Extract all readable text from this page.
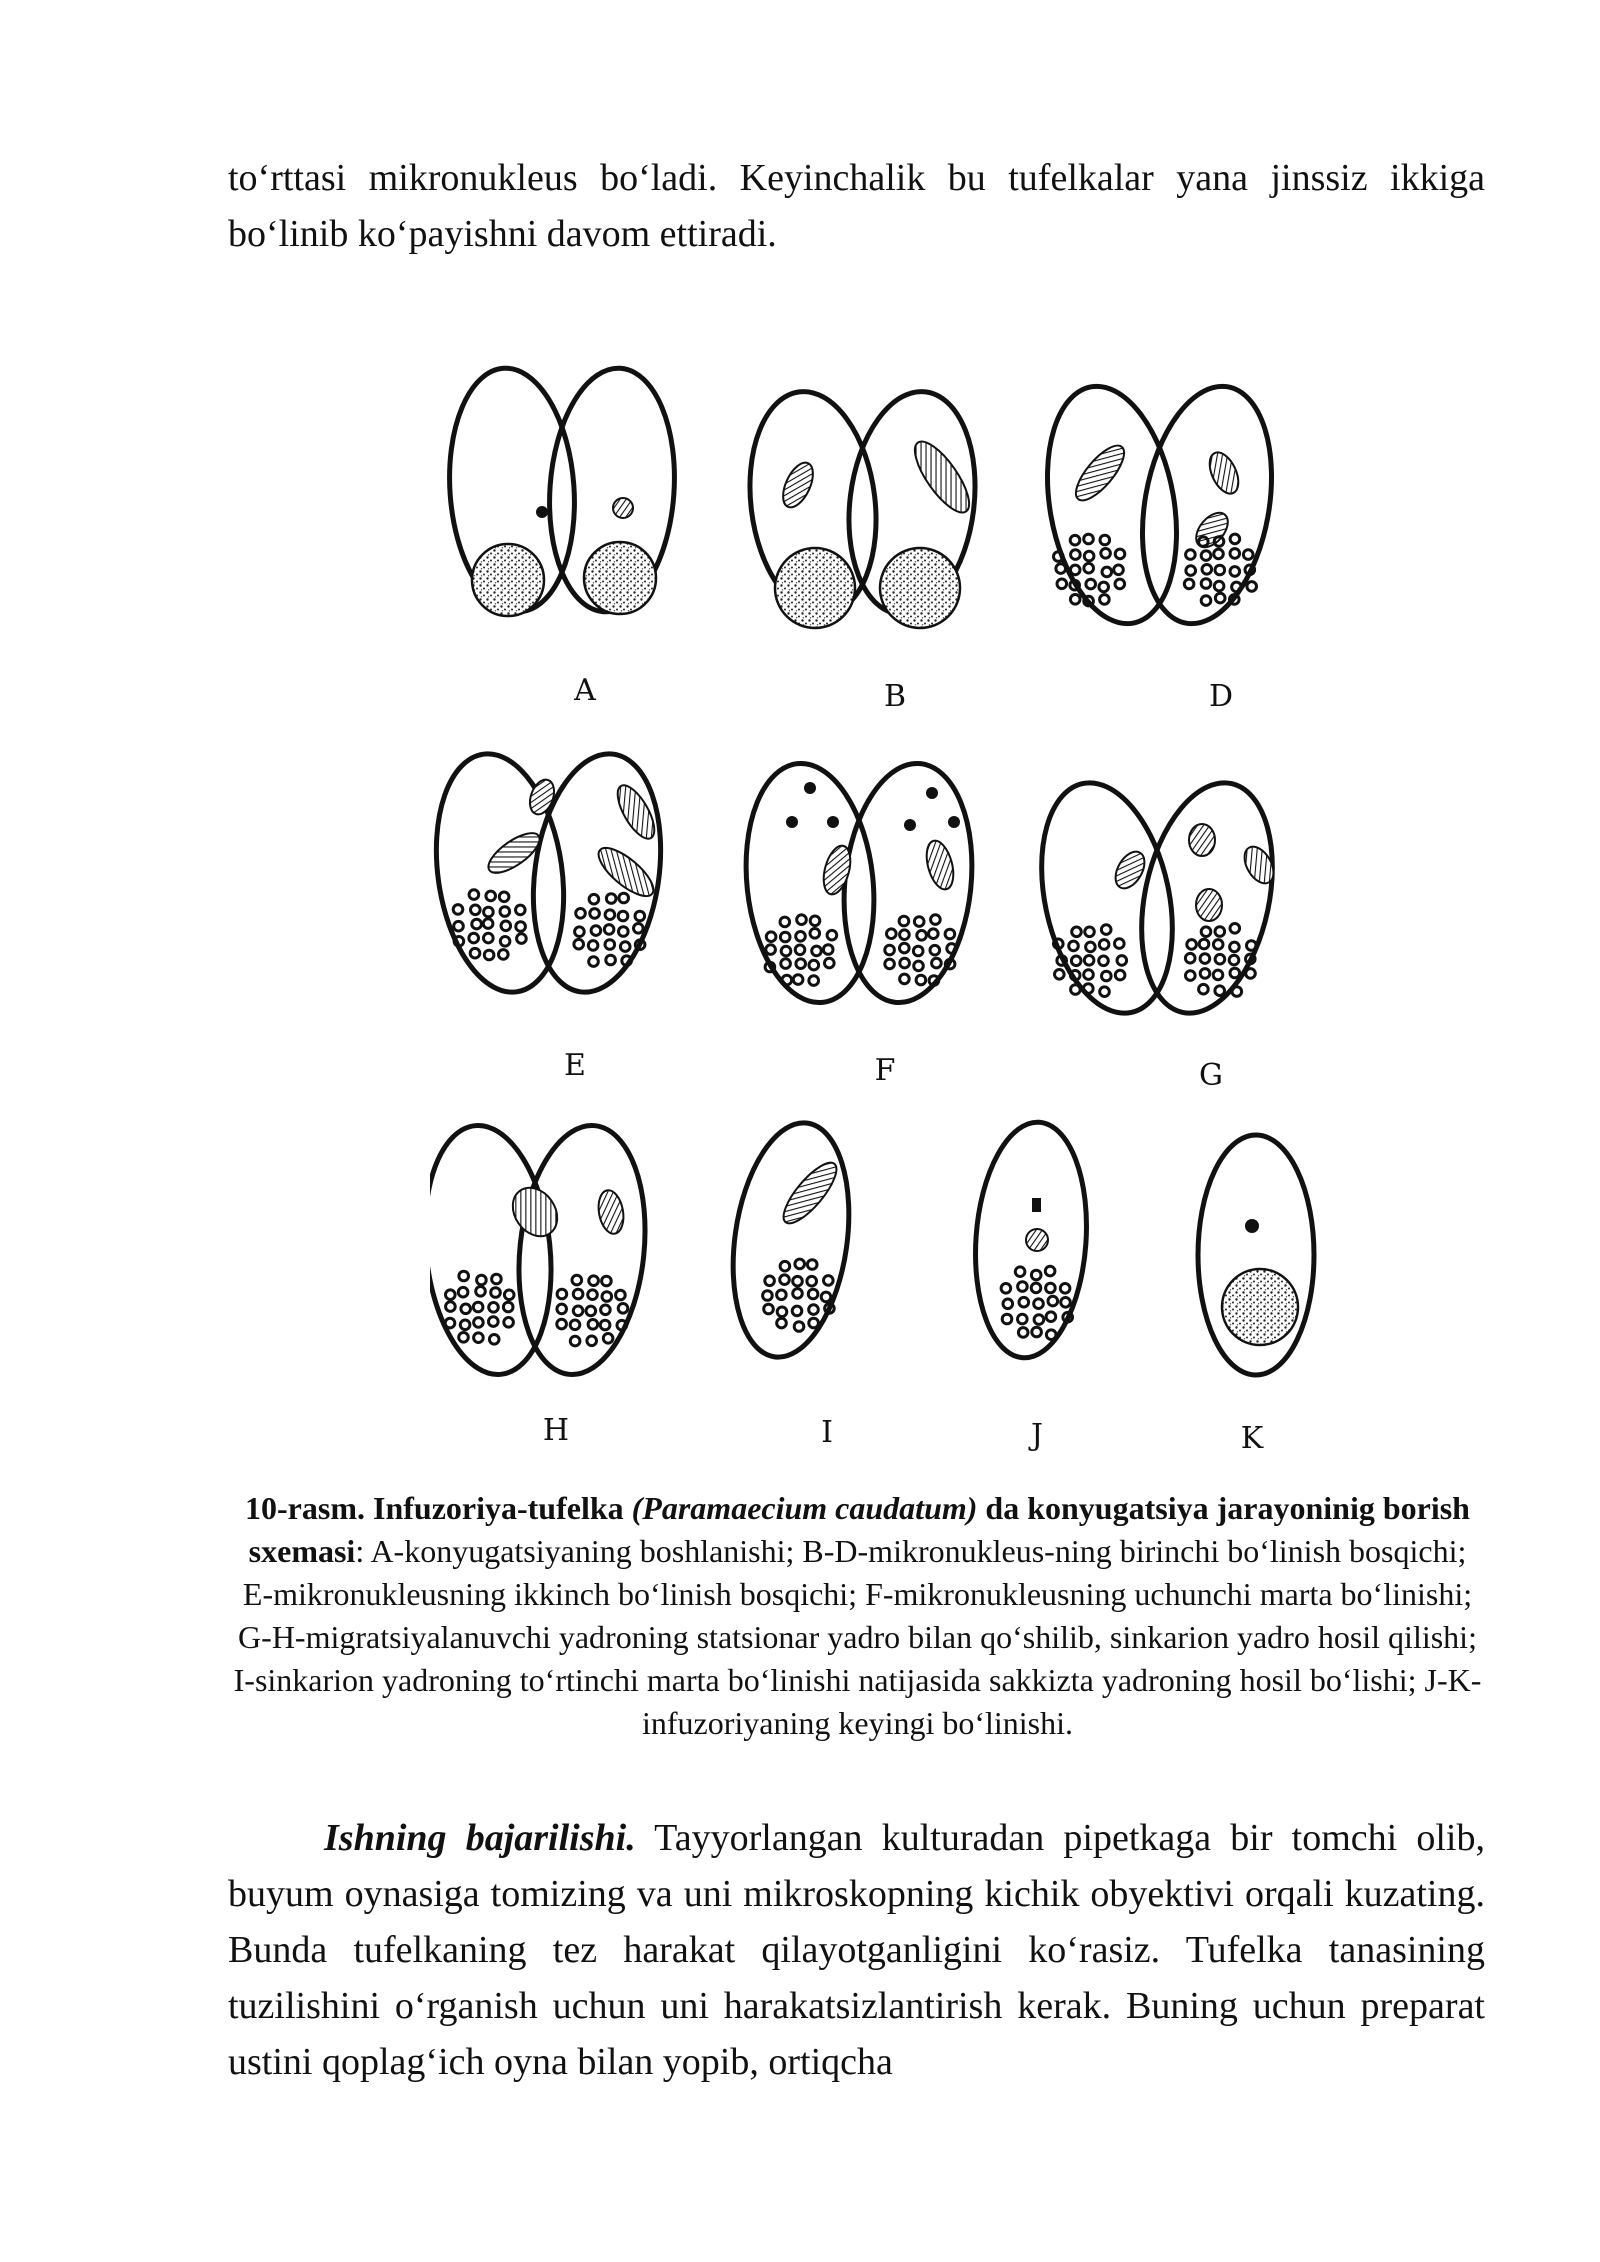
to‘rttasi mikronukleus bo‘ladi. Keyinchalik bu tufelkalar yana jinssiz ikkiga bo‘linib ko‘payishni davom ettiradi.

A	B	D
E	F	G
H	I	J	K

10-rasm. Infuzoriya-tufelka (Paramaecium caudatum) da konyugatsiya jarayoninig borish sxemasi: A-konyugatsiyaning boshlanishi; B-D-mikronukleus-ning birinchi bo‘linish bosqichi; E-mikronukleusning ikkinch bo‘linish bosqichi; F-mikronukleusning uchunchi marta bo‘linishi; G-H-migratsiyalanuvchi yadroning statsionar yadro bilan qo‘shilib, sinkarion yadro hosil qilishi; I-sinkarion yadroning to‘rtinchi marta bo‘linishi natijasida sakkizta yadroning hosil bo‘lishi; J-K-infuzoriyaning keyingi bo‘linishi.

Ishning bajarilishi. Tayyorlangan kulturadan pipetkaga bir tomchi olib, buyum oynasiga tomizing va uni mikroskopning kichik obyektivi orqali kuzating. Bunda tufelkaning tez harakat qilayotganligini ko‘rasiz. Tufelka tanasining tuzilishini o‘rganish uchun uni harakatsizlantirish kerak. Buning uchun preparat ustini qoplag‘ich oyna bilan yopib, ortiqcha
